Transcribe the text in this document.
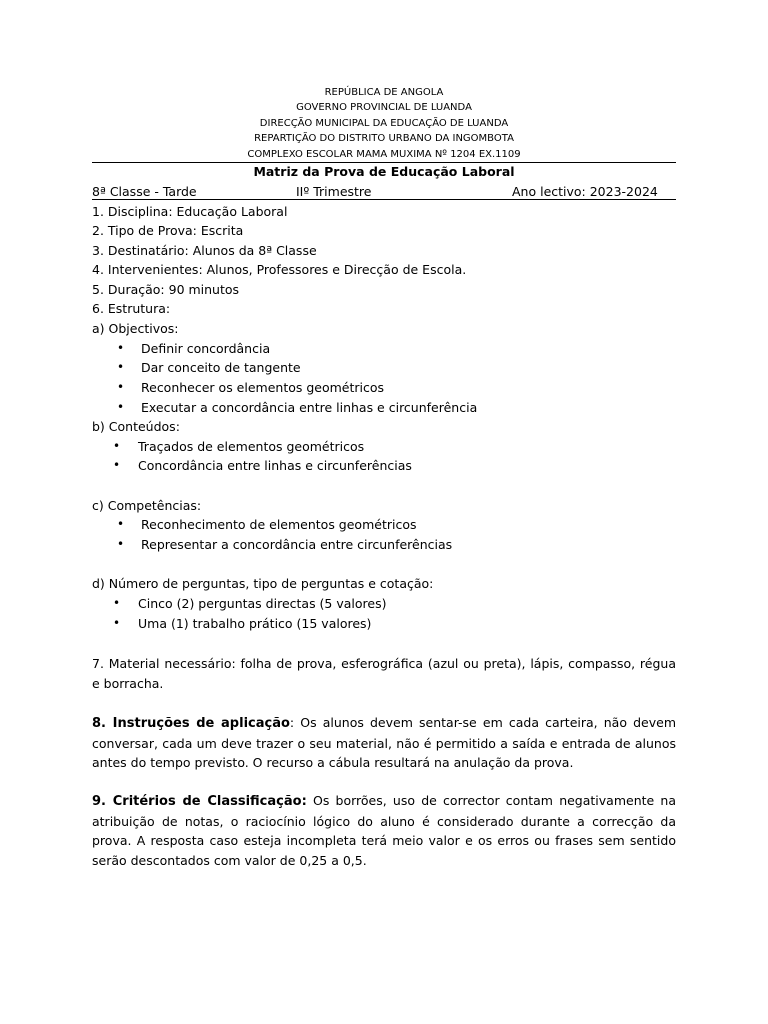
REPÚBLICA DE ANGOLA
GOVERNO PROVINCIAL DE LUANDA
DIRECÇÃO MUNICIPAL DA EDUCAÇÃO DE LUANDA
REPARTIÇÃO DO DISTRITO URBANO DA INGOMBOTA
COMPLEXO ESCOLAR MAMA MUXIMA Nº 1204 EX.1109
Matriz da Prova de Educação Laboral
8ª Classe - Tarde	IIº Trimestre	Ano lectivo: 2023-2024
1. Disciplina: Educação Laboral
2. Tipo de Prova: Escrita
3. Destinatário: Alunos da 8ª Classe
4. Intervenientes: Alunos, Professores e Direcção de Escola.
5. Duração: 90 minutos
6. Estrutura:
a) Objectivos:
• Definir concordância
• Dar conceito de tangente
• Reconhecer os elementos geométricos
• Executar a concordância entre linhas e circunferência
b) Conteúdos:
• Traçados de elementos geométricos
• Concordância entre linhas e circunferências
c) Competências:
• Reconhecimento de elementos geométricos
• Representar a concordância entre circunferências
d) Número de perguntas, tipo de perguntas e cotação:
• Cinco (2) perguntas directas (5 valores)
• Uma (1) trabalho prático (15 valores)
7. Material necessário: folha de prova, esferográfica (azul ou preta), lápis, compasso, régua e borracha.
8. Instruções de aplicação: Os alunos devem sentar-se em cada carteira, não devem conversar, cada um deve trazer o seu material, não é permitido a saída e entrada de alunos antes do tempo previsto. O recurso a cábula resultará na anulação da prova.
9. Critérios de Classificação: Os borrões, uso de corrector contam negativamente na atribuição de notas, o raciocínio lógico do aluno é considerado durante a correcção da prova. A resposta caso esteja incompleta terá meio valor e os erros ou frases sem sentido serão descontados com valor de 0,25 a 0,5.
